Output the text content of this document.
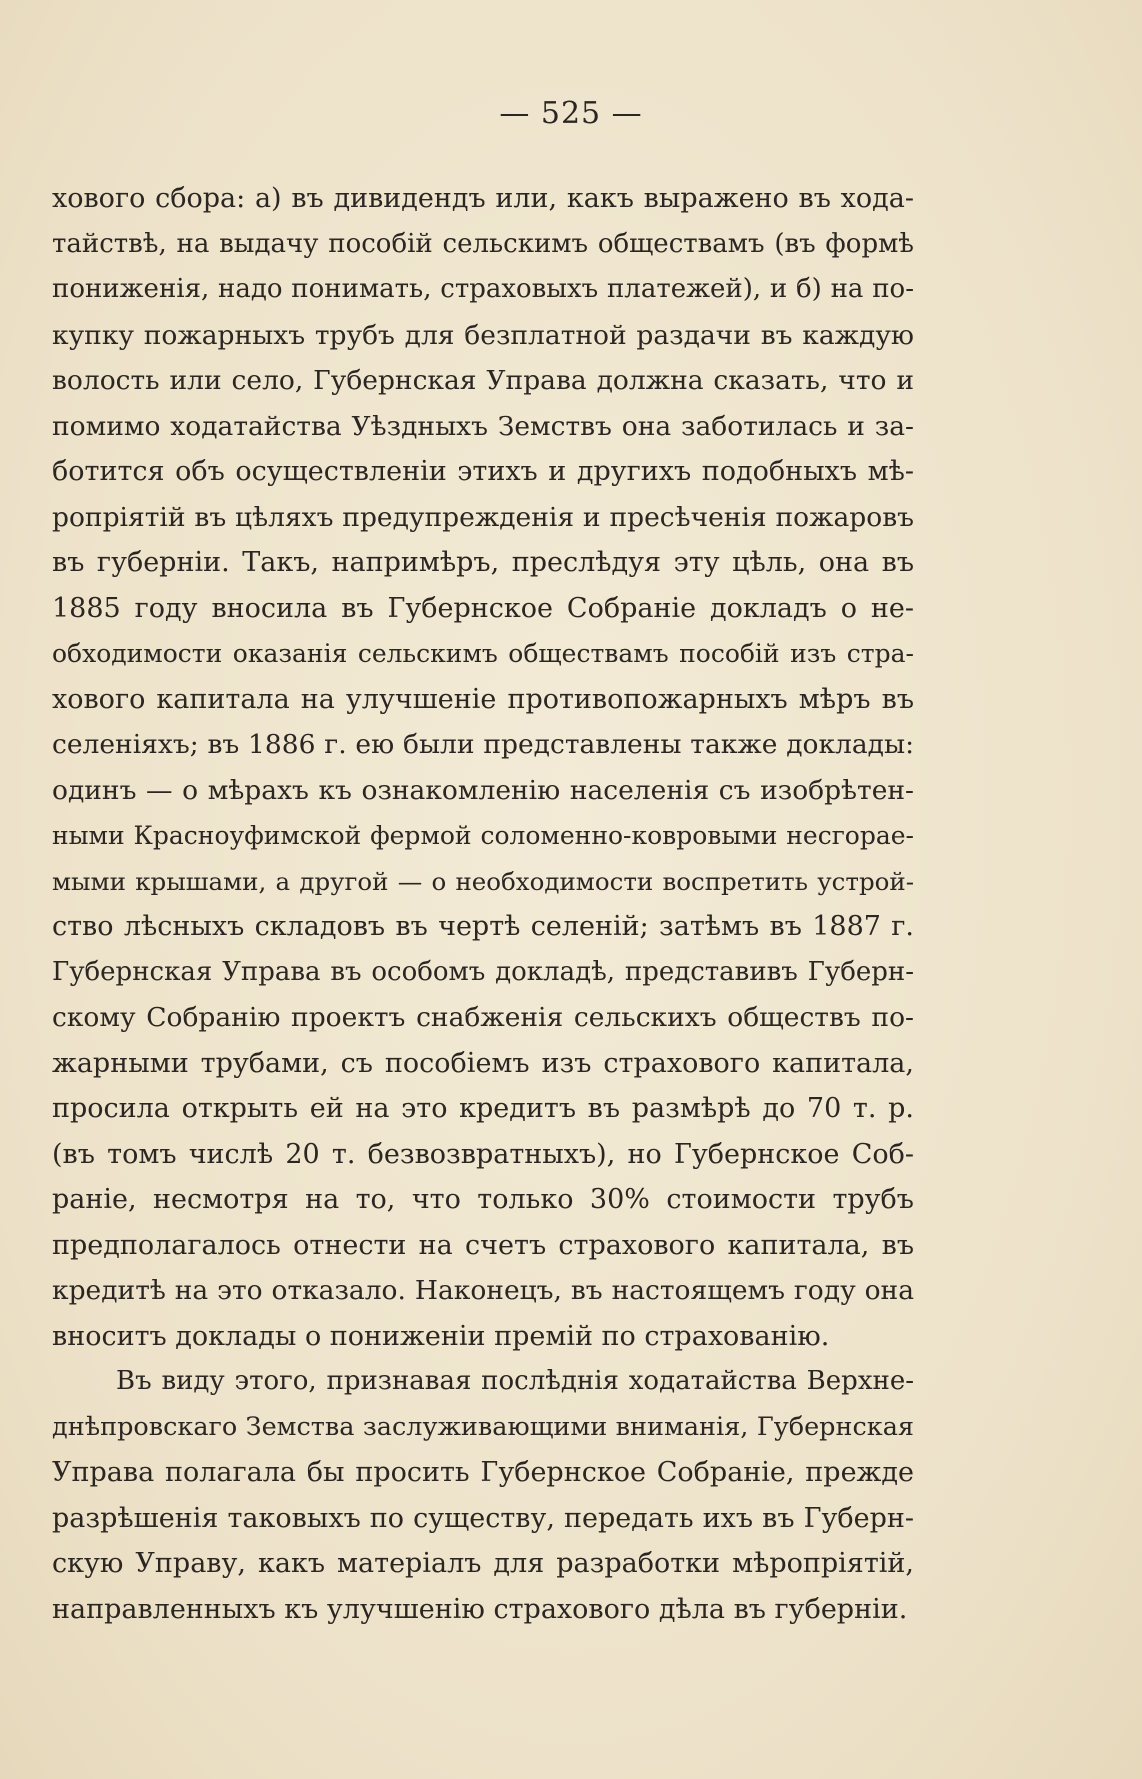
— 525 —
хового сбора: а) въ дивидендъ или, какъ выражено въ хода-
тайствѣ, на выдачу пособій сельскимъ обществамъ (въ формѣ
пониженія, надо понимать, страховыхъ платежей), и б) на по-
купку пожарныхъ трубъ для безплатной раздачи въ каждую
волость или село, Губернская Управа должна сказать, что и
помимо ходатайства Уѣздныхъ Земствъ она заботилась и за-
ботится объ осуществленіи этихъ и другихъ подобныхъ мѣ-
ропріятій въ цѣляхъ предупрежденія и пресѣченія пожаровъ
въ губерніи. Такъ, напримѣръ, преслѣдуя эту цѣль, она въ
1885 году вносила въ Губернское Собраніе докладъ о не-
обходимости оказанія сельскимъ обществамъ пособій изъ стра-
хового капитала на улучшеніе противопожарныхъ мѣръ въ
селеніяхъ; въ 1886 г. ею были представлены также доклады:
одинъ — о мѣрахъ къ ознакомленію населенія съ изобрѣтен-
ными Красноуфимской фермой соломенно-ковровыми несгорае-
мыми крышами, а другой — о необходимости воспретить устрой-
ство лѣсныхъ складовъ въ чертѣ селеній; затѣмъ въ 1887 г.
Губернская Управа въ особомъ докладѣ, представивъ Губерн-
скому Собранію проектъ снабженія сельскихъ обществъ по-
жарными трубами, съ пособіемъ изъ страхового капитала,
просила открыть ей на это кредитъ въ размѣрѣ до 70 т. р.
(въ томъ числѣ 20 т. безвозвратныхъ), но Губернское Соб-
раніе, несмотря на то, что только 30% стоимости трубъ
предполагалось отнести на счетъ страхового капитала, въ
кредитѣ на это отказало. Наконецъ, въ настоящемъ году она
вноситъ доклады о пониженіи премій по страхованію.
Въ виду этого, признавая послѣднія ходатайства Верхне-
днѣпровскаго Земства заслуживающими вниманія, Губернская
Управа полагала бы просить Губернское Собраніе, прежде
разрѣшенія таковыхъ по существу, передать ихъ въ Губерн-
скую Управу, какъ матеріалъ для разработки мѣропріятій,
направленныхъ къ улучшенію страхового дѣла въ губерніи.
